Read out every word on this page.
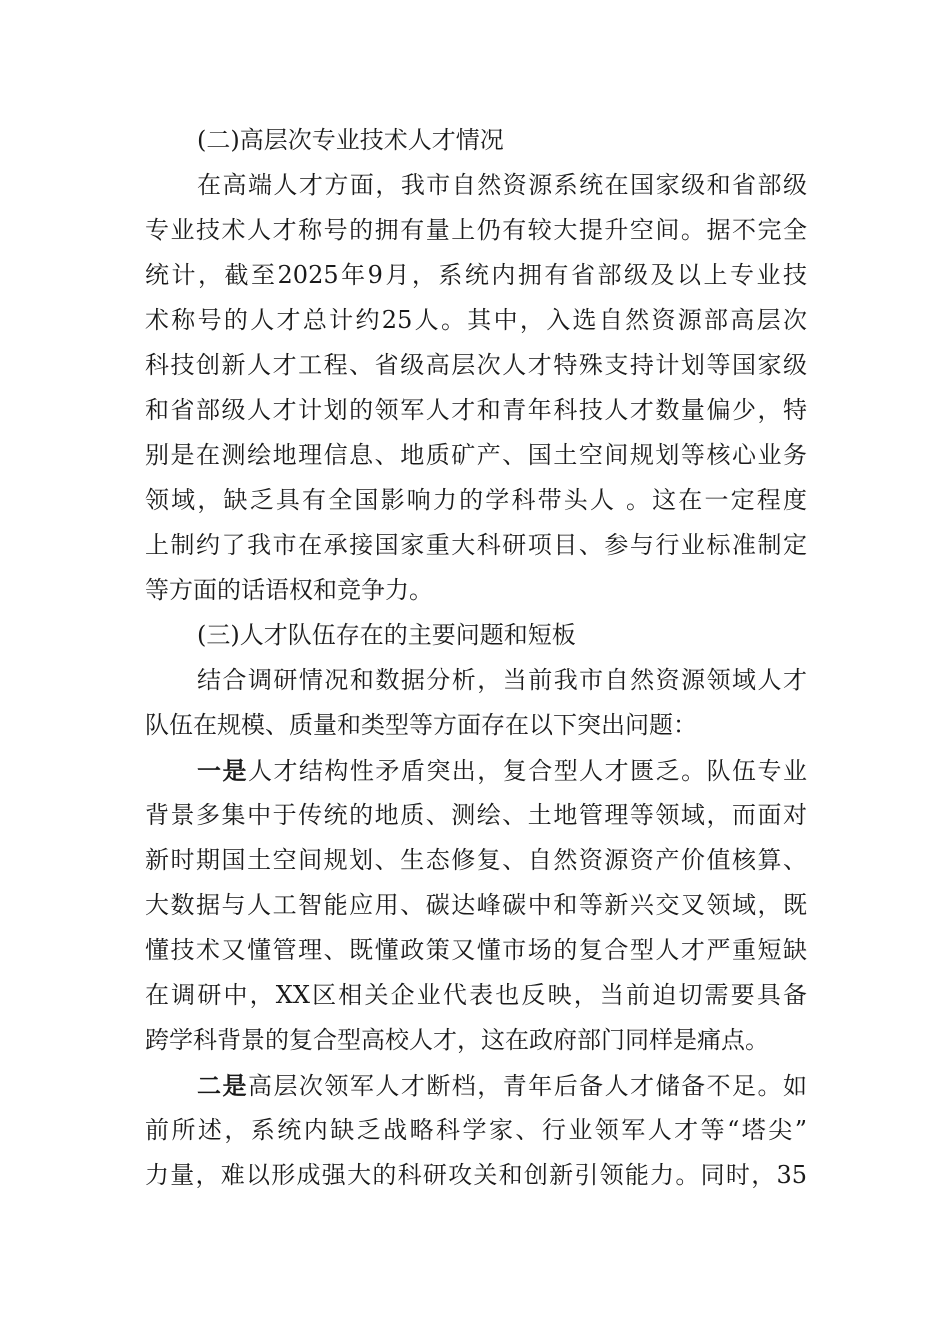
(二)高层次专业技术人才情况
在高端人才方面，我市自然资源系统在国家级和省部级
专业技术人才称号的拥有量上仍有较大提升空间。据不完全
统计，截至2025年9月，系统内拥有省部级及以上专业技
术称号的人才总计约25人。其中，入选自然资源部高层次
科技创新人才工程、省级高层次人才特殊支持计划等国家级
和省部级人才计划的领军人才和青年科技人才数量偏少，特
别是在测绘地理信息、地质矿产、国土空间规划等核心业务
领域，缺乏具有全国影响力的学科带头人 。这在一定程度
上制约了我市在承接国家重大科研项目、参与行业标准制定
等方面的话语权和竞争力。
(三)人才队伍存在的主要问题和短板
结合调研情况和数据分析，当前我市自然资源领域人才
队伍在规模、质量和类型等方面存在以下突出问题：
一是人才结构性矛盾突出，复合型人才匮乏。队伍专业
背景多集中于传统的地质、测绘、土地管理等领域，而面对
新时期国土空间规划、生态修复、自然资源资产价值核算、
大数据与人工智能应用、碳达峰碳中和等新兴交叉领域，既
懂技术又懂管理、既懂政策又懂市场的复合型人才严重短缺
在调研中，XX区相关企业代表也反映，当前迫切需要具备
跨学科背景的复合型高校人才，这在政府部门同样是痛点。
二是高层次领军人才断档，青年后备人才储备不足。如
前所述，系统内缺乏战略科学家、行业领军人才等“塔尖”
力量，难以形成强大的科研攻关和创新引领能力。同时，35
